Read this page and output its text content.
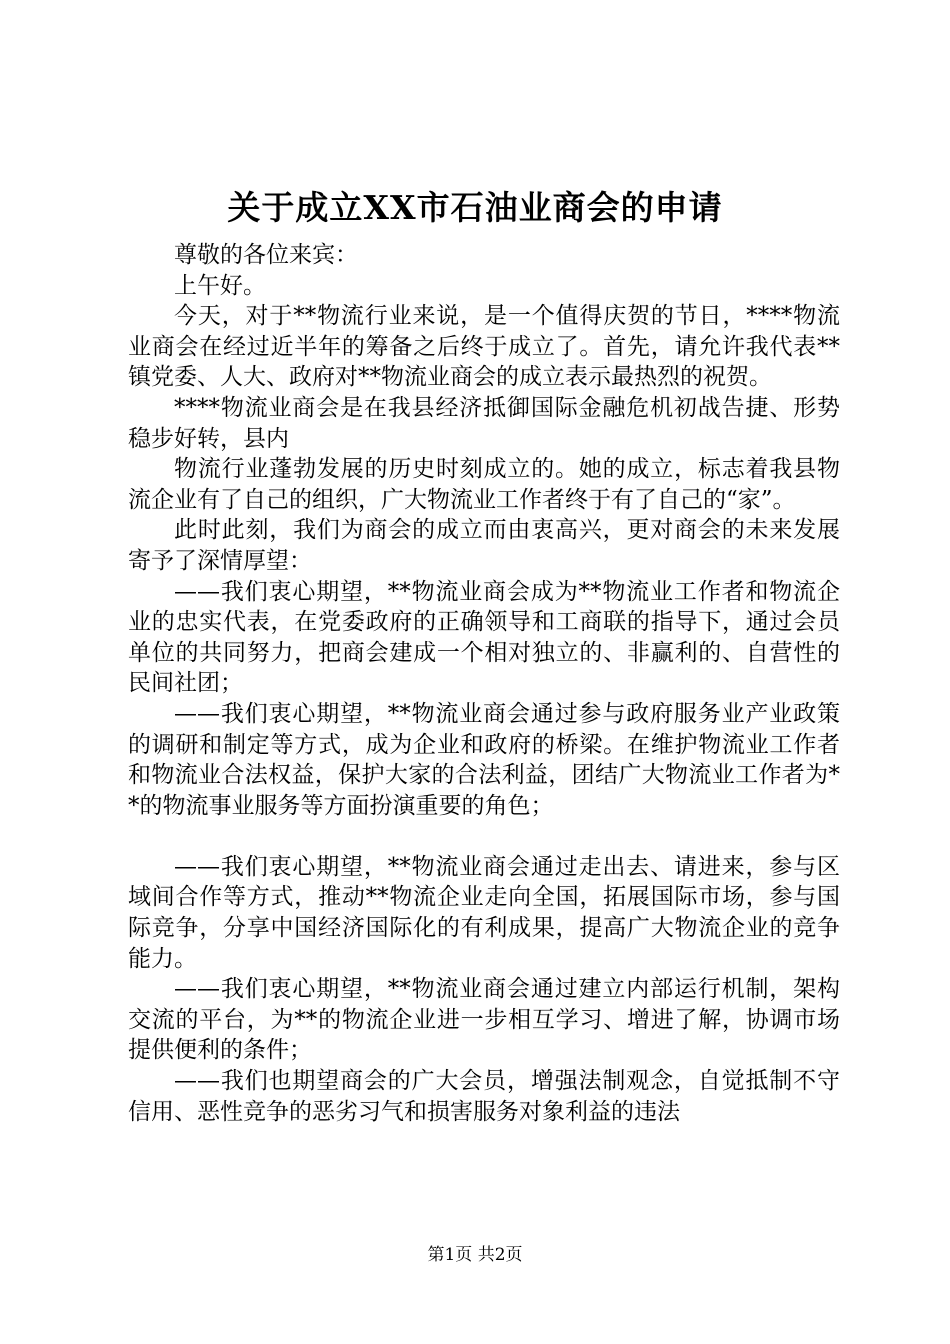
关于成立XX市石油业商会的申请

尊敬的各位来宾：

上午好。

今天，对于**物流行业来说，是一个值得庆贺的节日，****物流业商会在经过近半年的筹备之后终于成立了。首先，请允许我代表**镇党委、人大、政府对**物流业商会的成立表示最热烈的祝贺。

****物流业商会是在我县经济抵御国际金融危机初战告捷、形势稳步好转，县内

物流行业蓬勃发展的历史时刻成立的。她的成立，标志着我县物流企业有了自己的组织，广大物流业工作者终于有了自己的“家”。

此时此刻，我们为商会的成立而由衷高兴，更对商会的未来发展寄予了深情厚望：

——我们衷心期望，**物流业商会成为**物流业工作者和物流企业的忠实代表，在党委政府的正确领导和工商联的指导下，通过会员单位的共同努力，把商会建成一个相对独立的、非赢利的、自营性的民间社团；

——我们衷心期望，**物流业商会通过参与政府服务业产业政策的调研和制定等方式，成为企业和政府的桥梁。在维护物流业工作者和物流业合法权益，保护大家的合法利益，团结广大物流业工作者为**的物流事业服务等方面扮演重要的角色；

——我们衷心期望，**物流业商会通过走出去、请进来，参与区域间合作等方式，推动**物流企业走向全国，拓展国际市场，参与国际竞争，分享中国经济国际化的有利成果，提高广大物流企业的竞争能力。

——我们衷心期望，**物流业商会通过建立内部运行机制，架构交流的平台，为**的物流企业进一步相互学习、增进了解，协调市场提供便利的条件；

——我们也期望商会的广大会员，增强法制观念，自觉抵制不守信用、恶性竞争的恶劣习气和损害服务对象利益的违法

第1页 共2页
